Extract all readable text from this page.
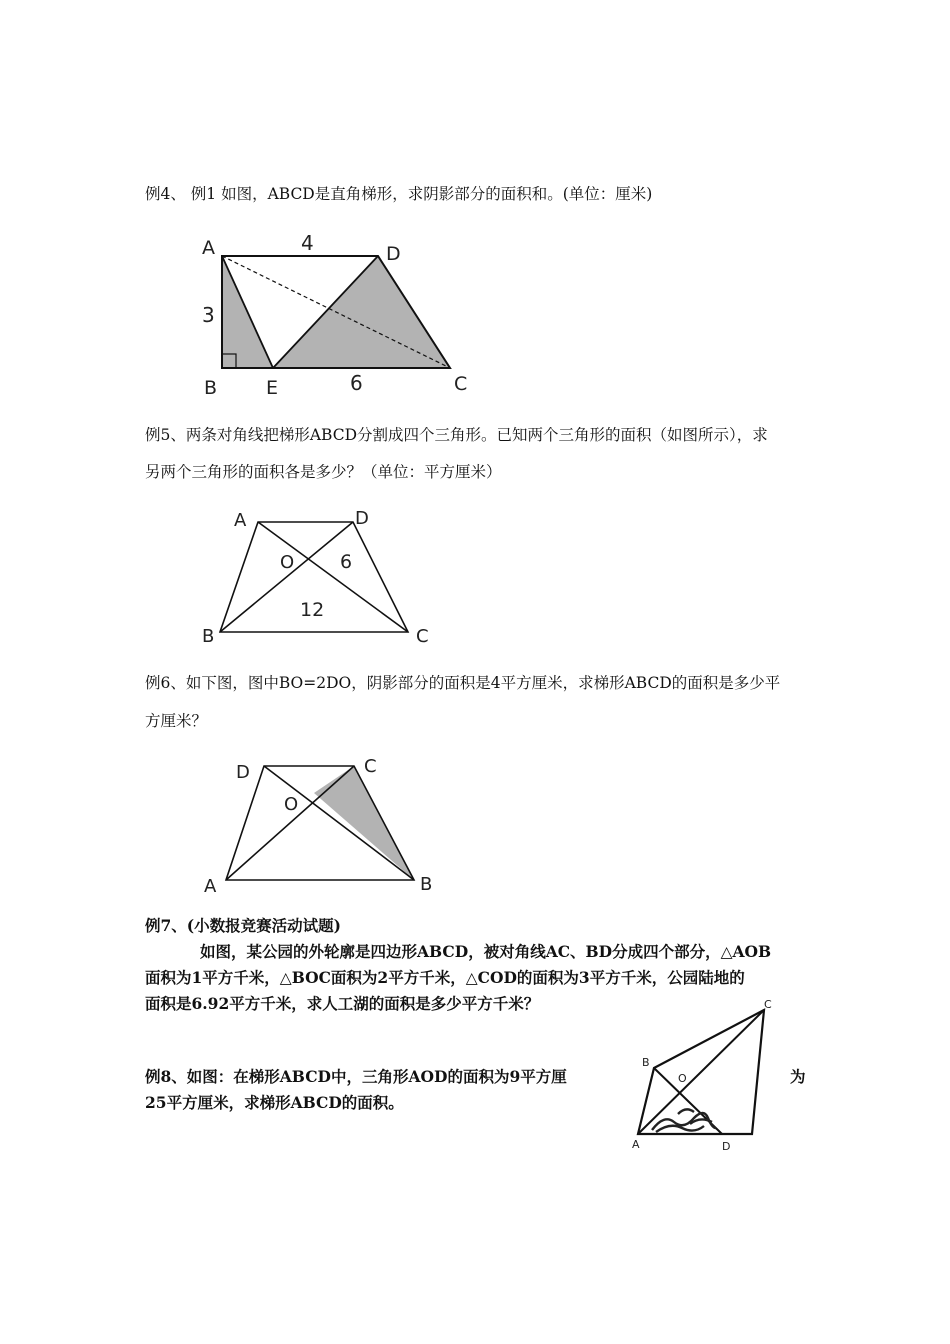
例4、 例1 如图，ABCD是直角梯形，求阴影部分的面积和。(单位：厘米)
A	D
B	E	C
4
3
6
例5、两条对角线把梯形ABCD分割成四个三角形。已知两个三角形的面积（如图所示），求
另两个三角形的面积各是多少？（单位：平方厘米）
A	D
B	C
O 6
12
例6、如下图，图中BO=2DO，阴影部分的面积是4平方厘米，求梯形ABCD的面积是多少平
方厘米？
D	C
O
A	B
例7、(小数报竞赛活动试题)
如图，某公园的外轮廓是四边形ABCD，被对角线AC、BD分成四个部分，△AOB
面积为1平方千米，△BOC面积为2平方千米，△COD的面积为3平方千米，公园陆地的
面积是6.92平方千米，求人工湖的面积是多少平方千米？
例8、如图：在梯形ABCD中，三角形AOD的面积为9平方厘	为
25平方厘米，求梯形ABCD的面积。
C
B
O
A	D
